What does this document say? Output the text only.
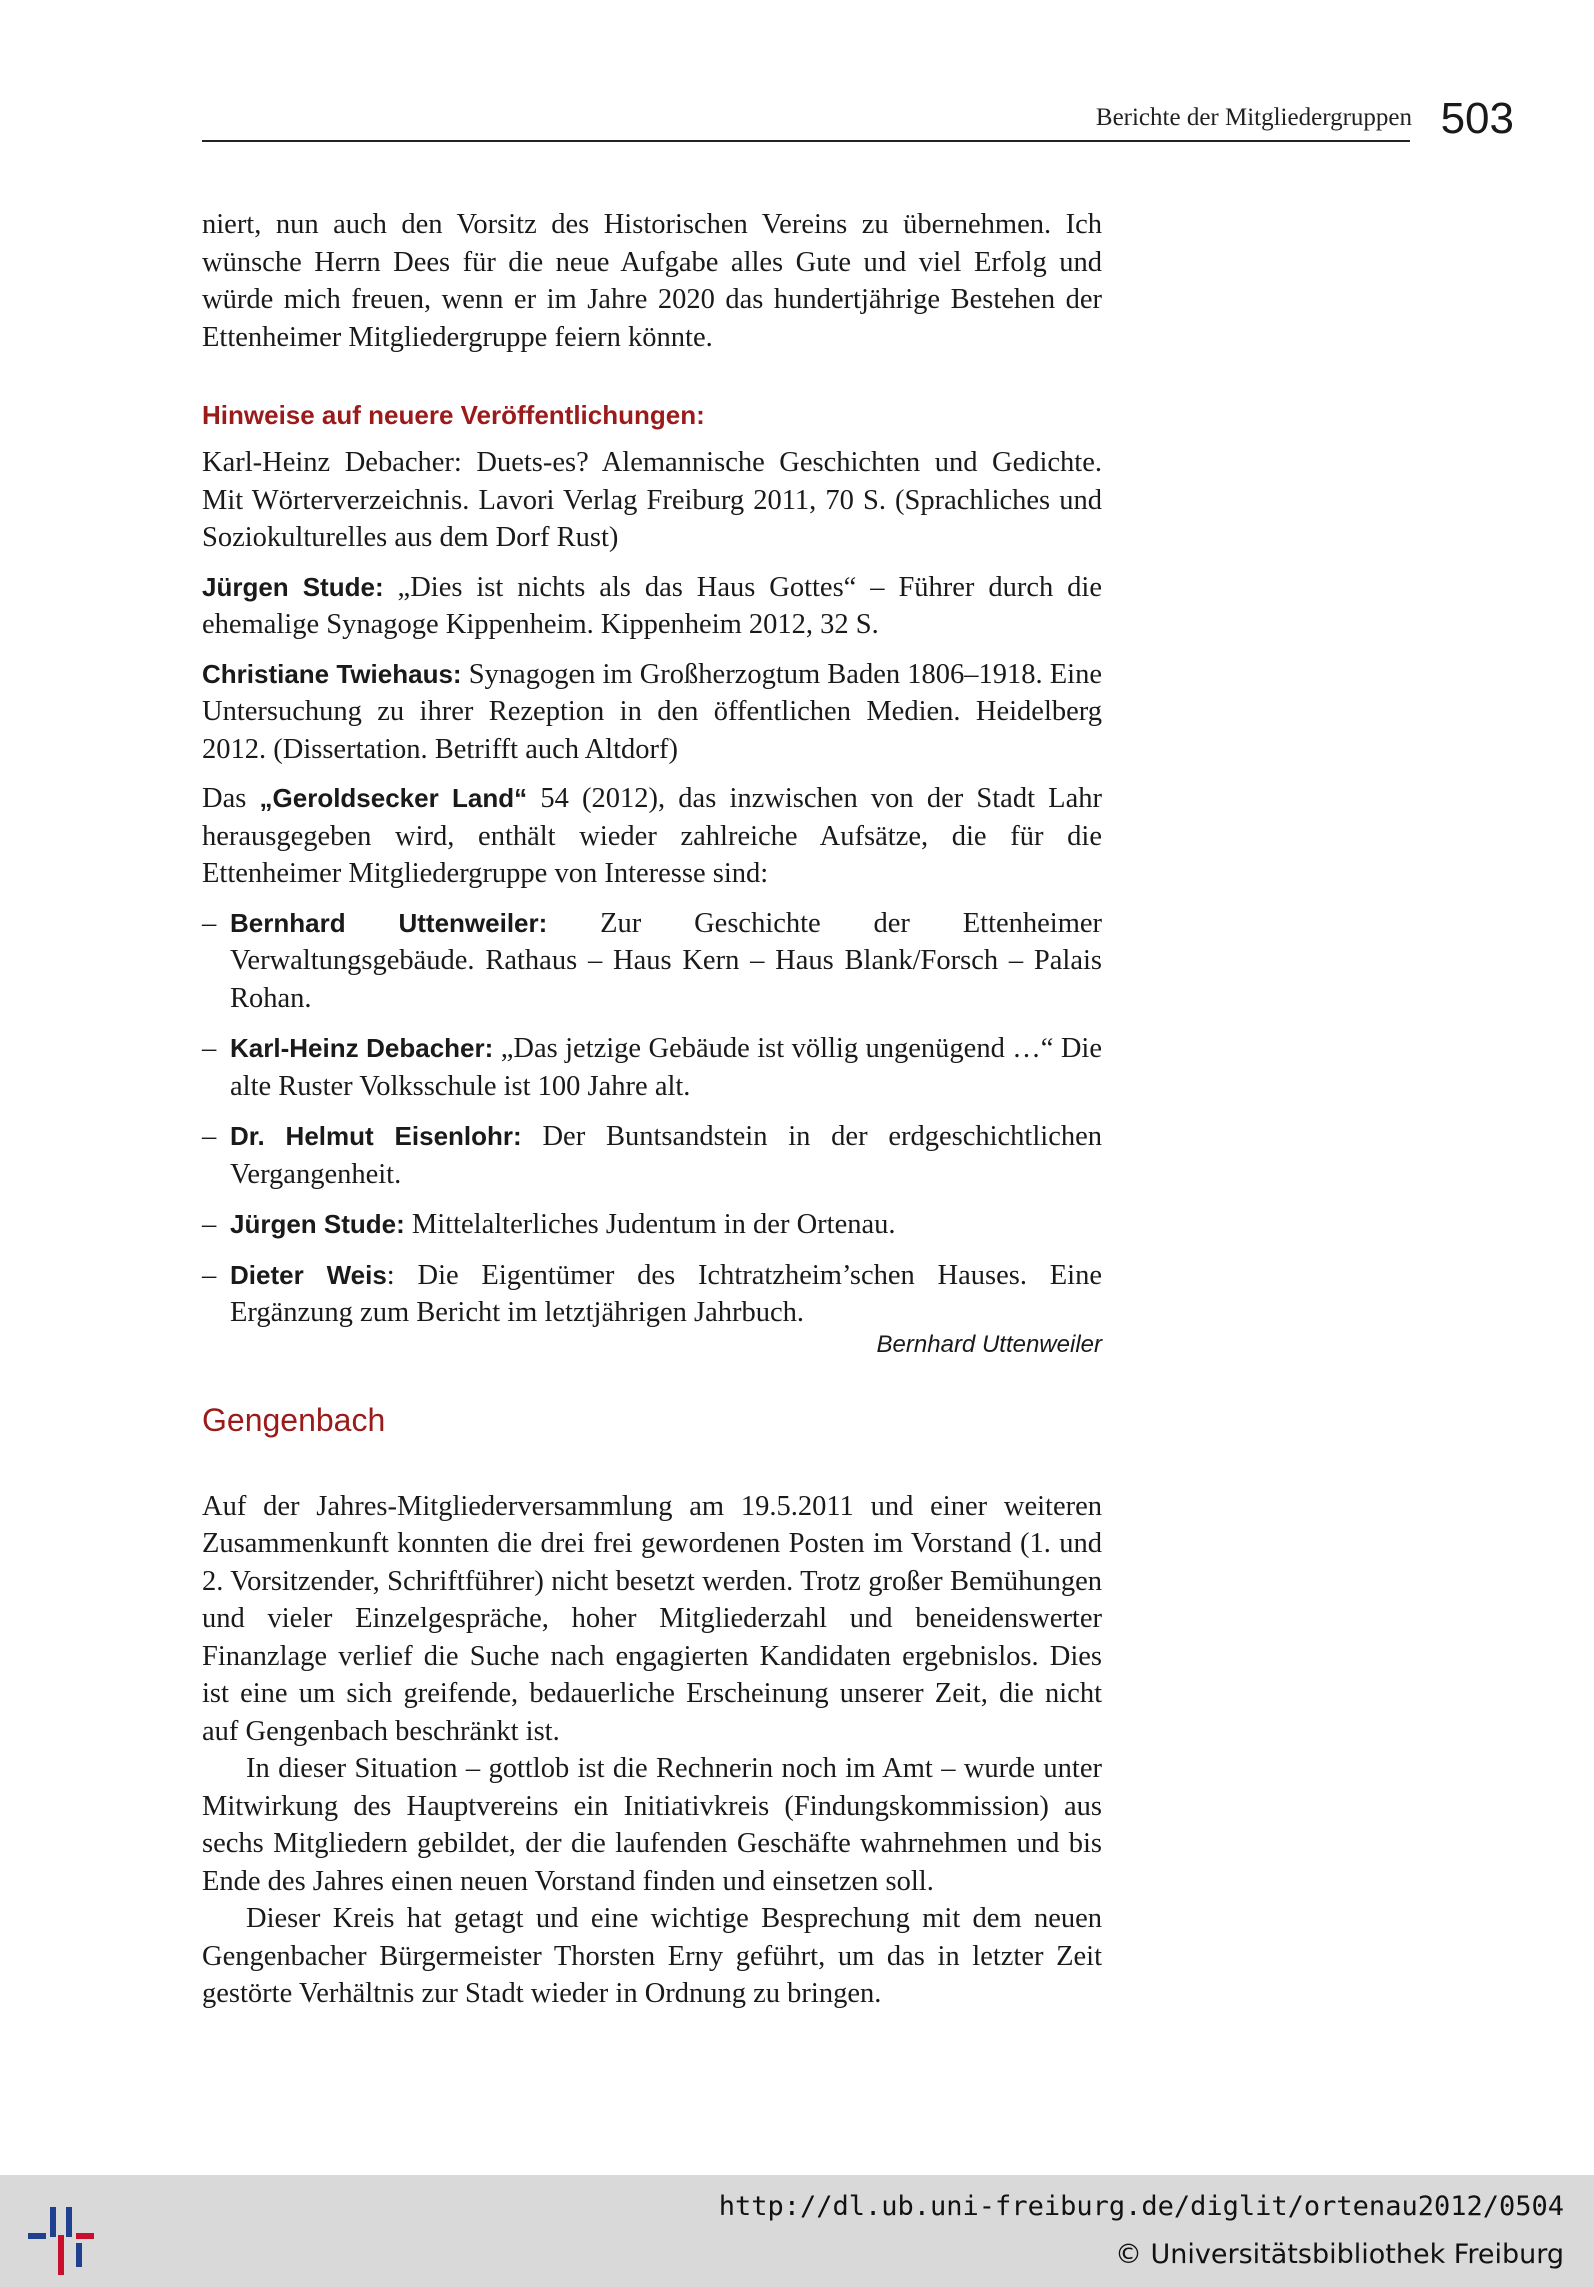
Berichte der Mitgliedergruppen 503

niert, nun auch den Vorsitz des Historischen Vereins zu übernehmen. Ich wünsche Herrn Dees für die neue Aufgabe alles Gute und viel Erfolg und würde mich freuen, wenn er im Jahre 2020 das hundertjährige Bestehen der Ettenheimer Mitgliedergruppe feiern könnte.

Hinweise auf neuere Veröffentlichungen:

Karl-Heinz Debacher: Duets-es? Alemannische Geschichten und Gedichte. Mit Wörterverzeichnis. Lavori Verlag Freiburg 2011, 70 S. (Sprachliches und Soziokulturelles aus dem Dorf Rust)

Jürgen Stude: „Dies ist nichts als das Haus Gottes“ – Führer durch die ehemalige Synagoge Kippenheim. Kippenheim 2012, 32 S.

Christiane Twiehaus: Synagogen im Großherzogtum Baden 1806–1918. Eine Untersuchung zu ihrer Rezeption in den öffentlichen Medien. Heidelberg 2012. (Dissertation. Betrifft auch Altdorf)

Das „Geroldsecker Land“ 54 (2012), das inzwischen von der Stadt Lahr herausgegeben wird, enthält wieder zahlreiche Aufsätze, die für die Ettenheimer Mitgliedergruppe von Interesse sind:

– Bernhard Uttenweiler: Zur Geschichte der Ettenheimer Verwaltungsgebäude. Rathaus – Haus Kern – Haus Blank/Forsch – Palais Rohan.
– Karl-Heinz Debacher: „Das jetzige Gebäude ist völlig ungenügend …“ Die alte Ruster Volksschule ist 100 Jahre alt.
– Dr. Helmut Eisenlohr: Der Buntsandstein in der erdgeschichtlichen Vergangenheit.
– Jürgen Stude: Mittelalterliches Judentum in der Ortenau.
– Dieter Weis: Die Eigentümer des Ichtratzheim’schen Hauses. Eine Ergänzung zum Bericht im letztjährigen Jahrbuch.
Bernhard Uttenweiler
Gengenbach

Auf der Jahres-Mitgliederversammlung am 19.5.2011 und einer weiteren Zusammenkunft konnten die drei frei gewordenen Posten im Vorstand (1. und 2. Vorsitzender, Schriftführer) nicht besetzt werden. Trotz großer Bemühungen und vieler Einzelgespräche, hoher Mitgliederzahl und beneidenswerter Finanzlage verlief die Suche nach engagierten Kandidaten ergebnislos. Dies ist eine um sich greifende, bedauerliche Erscheinung unserer Zeit, die nicht auf Gengenbach beschränkt ist.

In dieser Situation – gottlob ist die Rechnerin noch im Amt – wurde unter Mitwirkung des Hauptvereins ein Initiativkreis (Findungskommission) aus sechs Mitgliedern gebildet, der die laufenden Geschäfte wahrnehmen und bis Ende des Jahres einen neuen Vorstand finden und einsetzen soll.

Dieser Kreis hat getagt und eine wichtige Besprechung mit dem neuen Gengenbacher Bürgermeister Thorsten Erny geführt, um das in letzter Zeit gestörte Verhältnis zur Stadt wieder in Ordnung zu bringen.

http://dl.ub.uni-freiburg.de/diglit/ortenau2012/0504
© Universitätsbibliothek Freiburg
